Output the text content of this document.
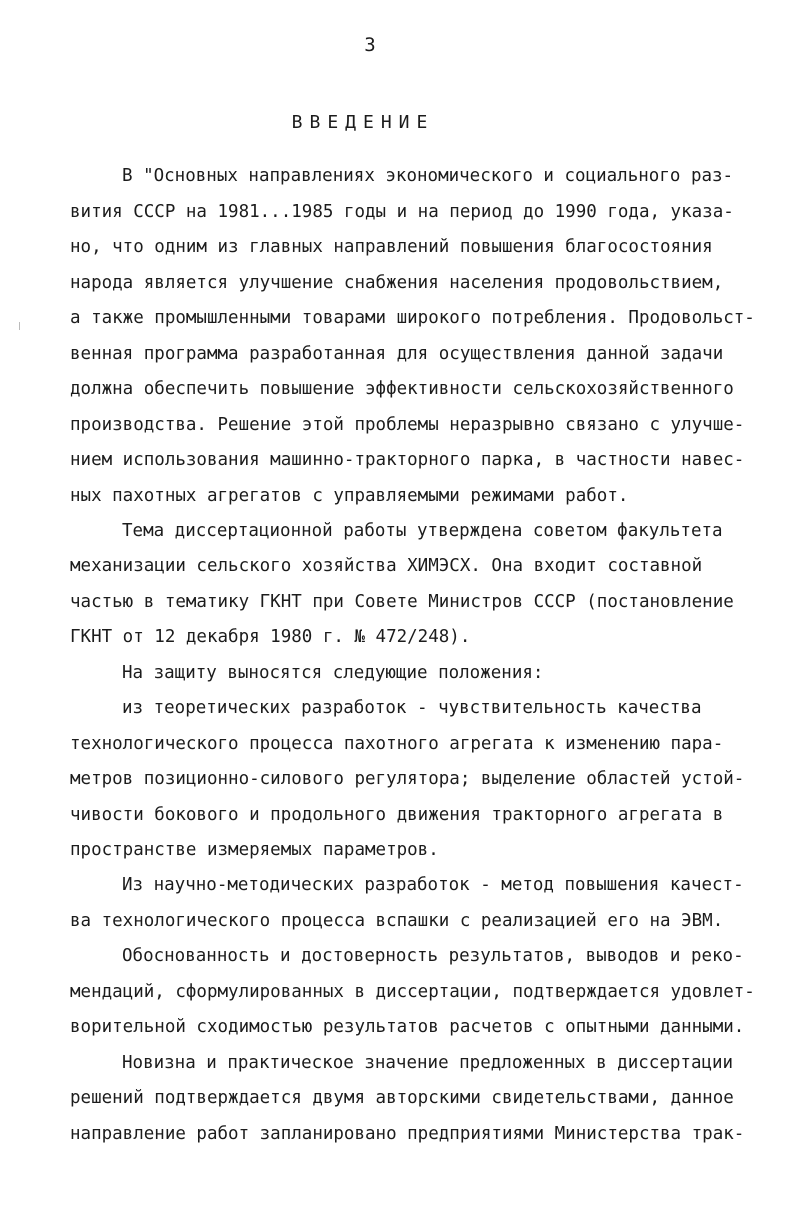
3
ВВЕДЕНИЕ
В "Основных направлениях экономического и социального раз-
вития СССР на 1981...1985 годы и на период до 1990 года, указа-
но, что одним из главных направлений повышения благосостояния
народа является улучшение снабжения населения продовольствием,
а также промышленными товарами широкого потребления. Продовольст-
венная программа разработанная для осуществления данной задачи
должна обеспечить повышение эффективности сельскохозяйственного
производства. Решение этой проблемы неразрывно связано с улучше-
нием использования машинно-тракторного парка, в частности навес-
ных пахотных агрегатов с управляемыми режимами работ.
Тема диссертационной работы утверждена советом факультета
механизации сельского хозяйства ХИМЭСХ. Она входит составной
частью в тематику ГКНТ при Совете Министров СССР (постановление
ГКНТ от 12 декабря 1980 г. № 472/248).
На защиту выносятся следующие положения:
из теоретических разработок - чувствительность качества
технологического процесса пахотного агрегата к изменению пара-
метров позиционно-силового регулятора; выделение областей устой-
чивости бокового и продольного движения тракторного агрегата в
пространстве измеряемых параметров.
Из научно-методических разработок - метод повышения качест-
ва технологического процесса вспашки с реализацией его на ЭВМ.
Обоснованность и достоверность результатов, выводов и реко-
мендаций, сформулированных в диссертации, подтверждается удовлет-
ворительной сходимостью результатов расчетов с опытными данными.
Новизна и практическое значение предложенных в диссертации
решений подтверждается двумя авторскими свидетельствами, данное
направление работ запланировано предприятиями Министерства трак-
